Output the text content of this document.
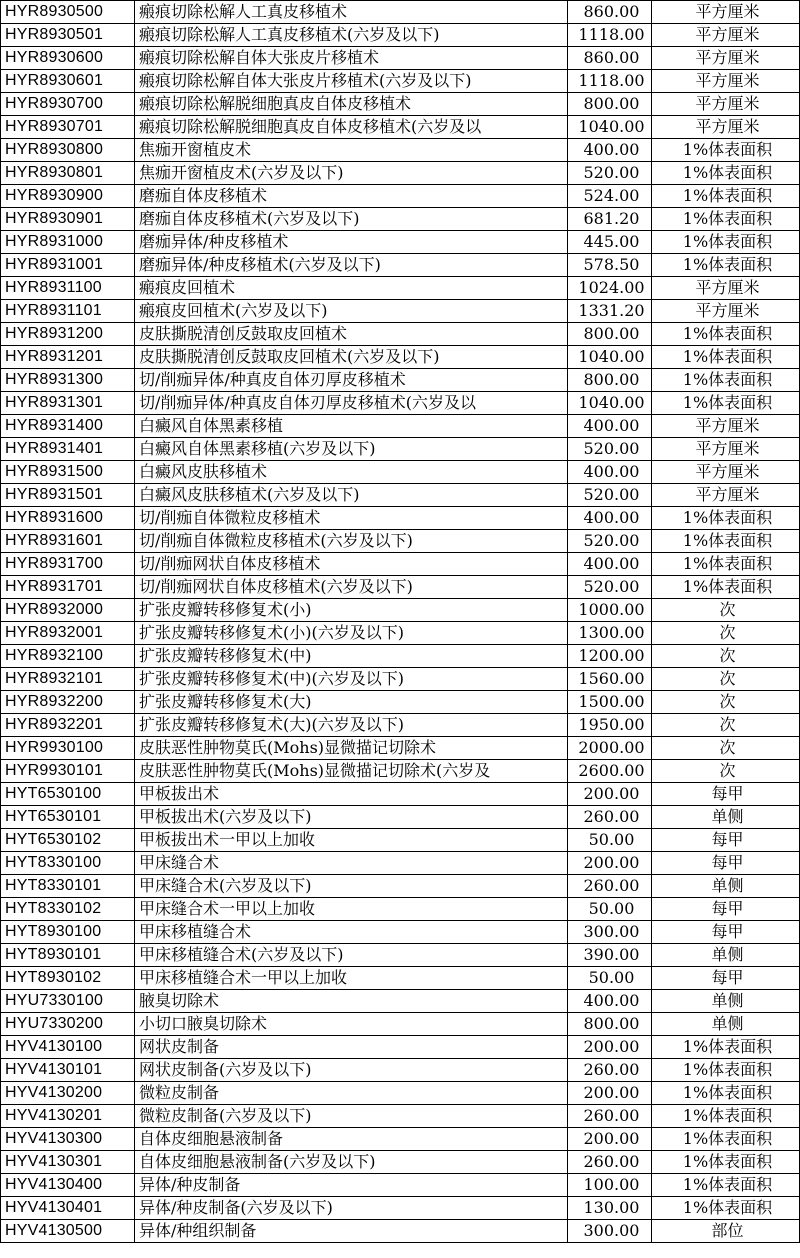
HYR8930500	瘢痕切除松解人工真皮移植术	860.00	平方厘米
HYR8930501	瘢痕切除松解人工真皮移植术(六岁及以下)	1118.00	平方厘米
HYR8930600	瘢痕切除松解自体大张皮片移植术	860.00	平方厘米
HYR8930601	瘢痕切除松解自体大张皮片移植术(六岁及以下)	1118.00	平方厘米
HYR8930700	瘢痕切除松解脱细胞真皮自体皮移植术	800.00	平方厘米
HYR8930701	瘢痕切除松解脱细胞真皮自体皮移植术(六岁及以	1040.00	平方厘米
HYR8930800	焦痂开窗植皮术	400.00	1%体表面积
HYR8930801	焦痂开窗植皮术(六岁及以下)	520.00	1%体表面积
HYR8930900	磨痂自体皮移植术	524.00	1%体表面积
HYR8930901	磨痂自体皮移植术(六岁及以下)	681.20	1%体表面积
HYR8931000	磨痂异体/种皮移植术	445.00	1%体表面积
HYR8931001	磨痂异体/种皮移植术(六岁及以下)	578.50	1%体表面积
HYR8931100	瘢痕皮回植术	1024.00	平方厘米
HYR8931101	瘢痕皮回植术(六岁及以下)	1331.20	平方厘米
HYR8931200	皮肤撕脱清创反鼓取皮回植术	800.00	1%体表面积
HYR8931201	皮肤撕脱清创反鼓取皮回植术(六岁及以下)	1040.00	1%体表面积
HYR8931300	切/削痂异体/种真皮自体刃厚皮移植术	800.00	1%体表面积
HYR8931301	切/削痂异体/种真皮自体刃厚皮移植术(六岁及以	1040.00	1%体表面积
HYR8931400	白癜风自体黑素移植	400.00	平方厘米
HYR8931401	白癜风自体黑素移植(六岁及以下)	520.00	平方厘米
HYR8931500	白癜风皮肤移植术	400.00	平方厘米
HYR8931501	白癜风皮肤移植术(六岁及以下)	520.00	平方厘米
HYR8931600	切/削痂自体微粒皮移植术	400.00	1%体表面积
HYR8931601	切/削痂自体微粒皮移植术(六岁及以下)	520.00	1%体表面积
HYR8931700	切/削痂网状自体皮移植术	400.00	1%体表面积
HYR8931701	切/削痂网状自体皮移植术(六岁及以下)	520.00	1%体表面积
HYR8932000	扩张皮瓣转移修复术(小)	1000.00	次
HYR8932001	扩张皮瓣转移修复术(小)(六岁及以下)	1300.00	次
HYR8932100	扩张皮瓣转移修复术(中)	1200.00	次
HYR8932101	扩张皮瓣转移修复术(中)(六岁及以下)	1560.00	次
HYR8932200	扩张皮瓣转移修复术(大)	1500.00	次
HYR8932201	扩张皮瓣转移修复术(大)(六岁及以下)	1950.00	次
HYR9930100	皮肤恶性肿物莫氏(Mohs)显微描记切除术	2000.00	次
HYR9930101	皮肤恶性肿物莫氏(Mohs)显微描记切除术(六岁及	2600.00	次
HYT6530100	甲板拔出术	200.00	每甲
HYT6530101	甲板拔出术(六岁及以下)	260.00	单侧
HYT6530102	甲板拔出术一甲以上加收	50.00	每甲
HYT8330100	甲床缝合术	200.00	每甲
HYT8330101	甲床缝合术(六岁及以下)	260.00	单侧
HYT8330102	甲床缝合术一甲以上加收	50.00	每甲
HYT8930100	甲床移植缝合术	300.00	每甲
HYT8930101	甲床移植缝合术(六岁及以下)	390.00	单侧
HYT8930102	甲床移植缝合术一甲以上加收	50.00	每甲
HYU7330100	腋臭切除术	400.00	单侧
HYU7330200	小切口腋臭切除术	800.00	单侧
HYV4130100	网状皮制备	200.00	1%体表面积
HYV4130101	网状皮制备(六岁及以下)	260.00	1%体表面积
HYV4130200	微粒皮制备	200.00	1%体表面积
HYV4130201	微粒皮制备(六岁及以下)	260.00	1%体表面积
HYV4130300	自体皮细胞悬液制备	200.00	1%体表面积
HYV4130301	自体皮细胞悬液制备(六岁及以下)	260.00	1%体表面积
HYV4130400	异体/种皮制备	100.00	1%体表面积
HYV4130401	异体/种皮制备(六岁及以下)	130.00	1%体表面积
HYV4130500	异体/种组织制备	300.00	部位
